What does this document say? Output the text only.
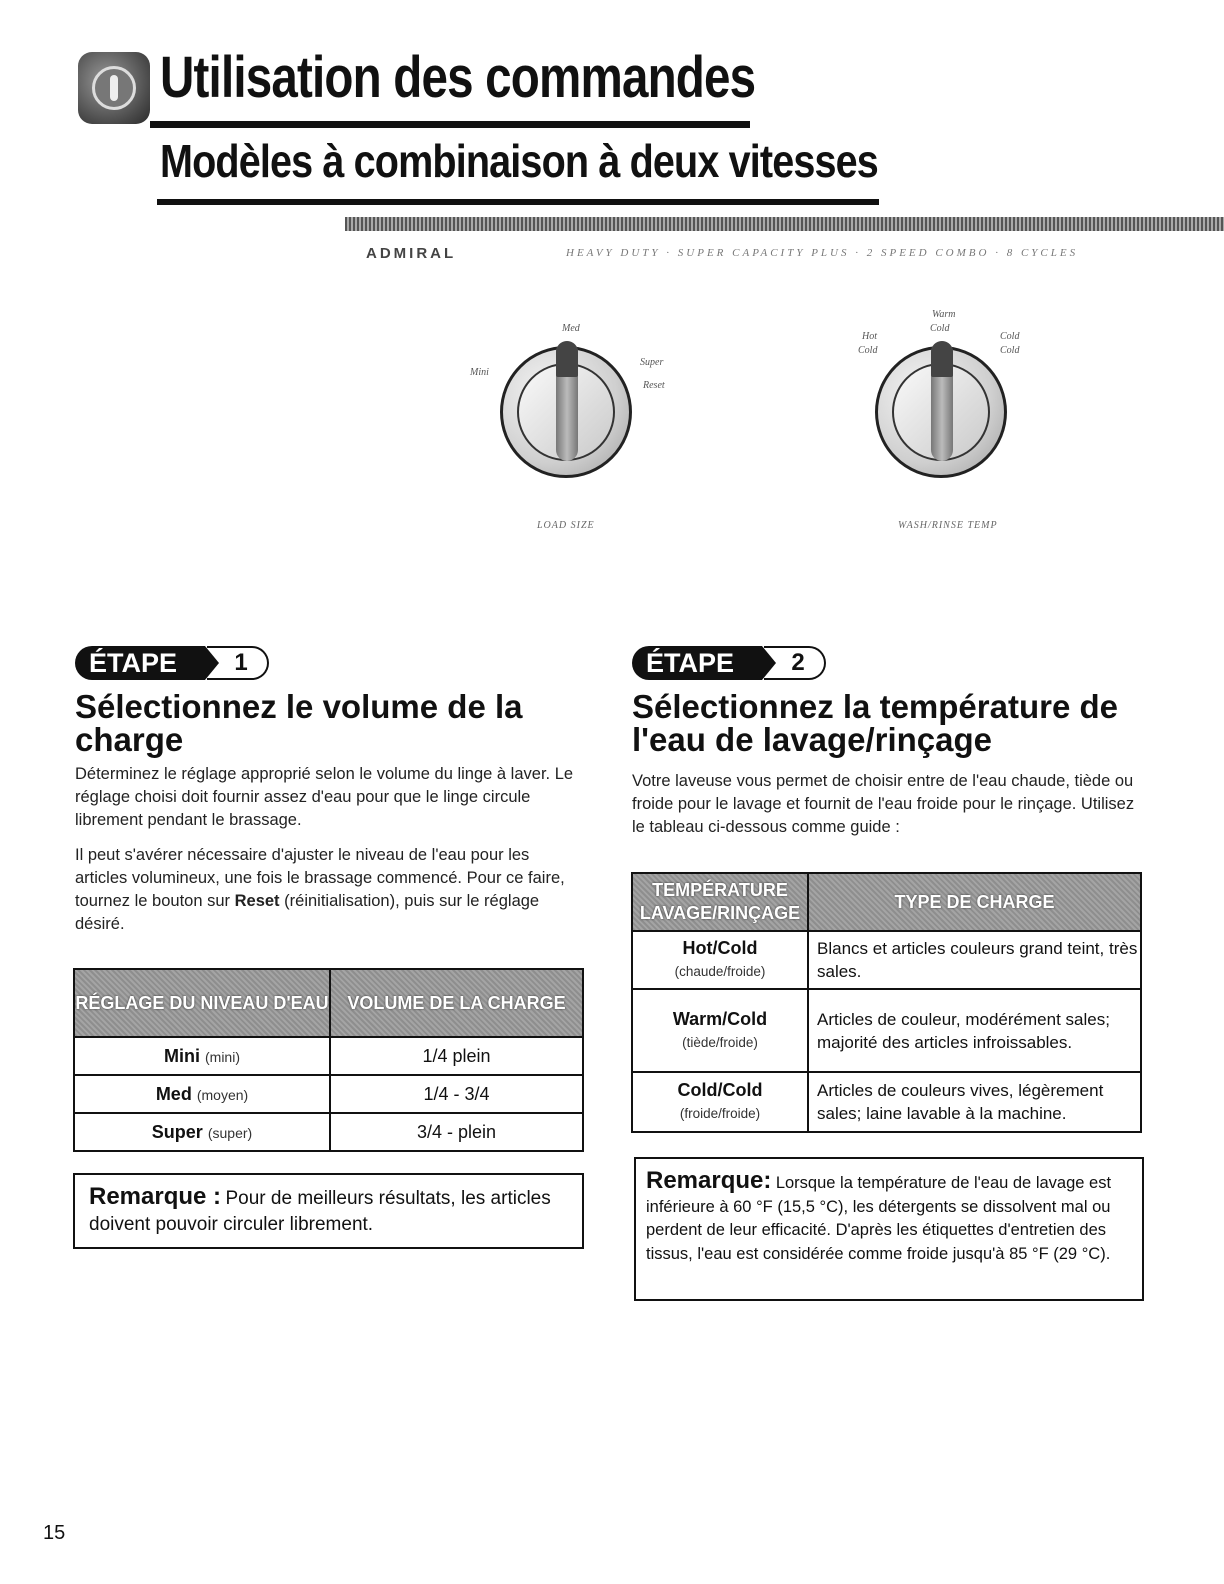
Utilisation des commandes
Modèles à combinaison à deux vitesses
ADMIRAL	HEAVY DUTY · SUPER CAPACITY PLUS · 2 SPEED COMBO · 8 CYCLES
Med
Mini
Super
Reset
LOAD SIZE
Warm
Cold
Hot
Cold
Cold
Cold
WASH/RINSE TEMP
ÉTAPE	1
Sélectionnez le volume de la charge
Déterminez le réglage approprié selon le volume du linge à laver. Le réglage choisi doit fournir assez d'eau pour que le linge circule librement pendant le brassage.
Il peut s'avérer nécessaire d'ajuster le niveau de l'eau pour les articles volumineux, une fois le brassage commencé. Pour ce faire, tournez le bouton sur Reset (réinitialisation), puis sur le réglage désiré.
RÉGLAGE DU NIVEAU D'EAU	VOLUME DE LA CHARGE
Mini (mini)	1/4 plein
Med (moyen)	1/4 - 3/4
Super (super)	3/4 - plein
Remarque : Pour de meilleurs résultats, les articles doivent pouvoir circuler librement.
ÉTAPE	2
Sélectionnez la température de l'eau de lavage/rinçage
Votre laveuse vous permet de choisir entre de l'eau chaude, tiède ou froide pour le lavage et fournit de l'eau froide pour le rinçage. Utilisez le tableau ci-dessous comme guide :
TEMPÉRATURE LAVAGE/RINÇAGE	TYPE DE CHARGE
Hot/Cold
(chaude/froide)	Blancs et articles couleurs grand teint, très sales.
Warm/Cold
(tiède/froide)	Articles de couleur, modérément sales; majorité des articles infroissables.
Cold/Cold
(froide/froide)	Articles de couleurs vives, légèrement sales; laine lavable à la machine.
Remarque: Lorsque la température de l'eau de lavage est inférieure à 60 °F (15,5 °C), les détergents se dissolvent mal ou perdent de leur efficacité. D'après les étiquettes d'entretien des tissus, l'eau est considérée comme froide jusqu'à 85 °F (29 °C).
15
